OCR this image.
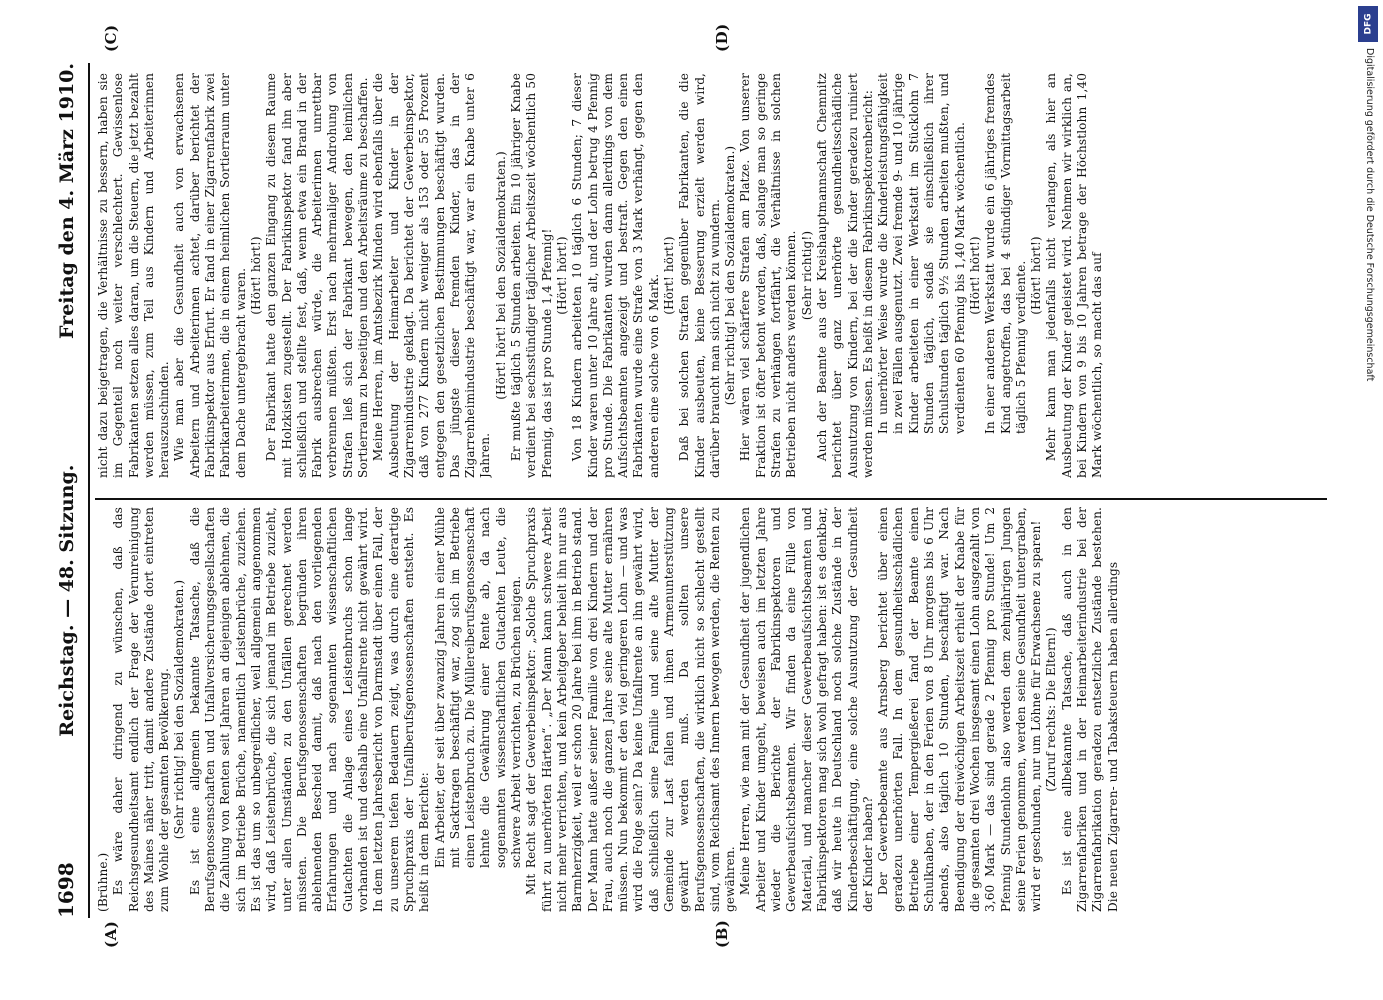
1698
Reichstag. — 48. Sitzung.
Freitag den 4. März 1910.
(A)	(B)
(C)	(D)

(Brühne.) Es wäre daher dringend zu wünschen, daß das Reichsgesundheitsamt endlich der Frage der Verunreinigung des Maines näher tritt, damit andere Zustände dort eintreten zum Wohle der gesamten Bevölkerung. (Sehr richtig! bei den Sozialdemokraten.) Es ist eine allgemein bekannte Tatsache, daß die Berufsgenossenschaften und Unfallversicherungsgesellschaften die Zahlung von Renten seit Jahren an diejenigen ablehnen, die sich im Betriebe Brüche, namentlich Leistenbrüche, zuziehen. Es ist das um so unbegreiflicher, weil allgemein angenommen wird, daß Leistenbrüche, die sich jemand im Betriebe zuzieht, unter allen Umständen zu den Unfällen gerechnet werden müssten. Die Berufsgenossenschaften begründen ihren ablehnenden Bescheid damit, daß nach den vorliegenden Erfahrungen und nach sogenannten wissenschaftlichen Gutachten die Anlage eines Leistenbruchs schon lange vorhanden ist und deshalb eine Unfallrente nicht gewährt wird. In dem letzten Jahresbericht von Darmstadt über einen Fall, der zu unserem tiefen Bedauern zeigt, was durch eine derartige Spruchpraxis der Unfallberufsgenossenschaften entsteht. Es heißt in dem Berichte: Ein Arbeiter, der seit über zwanzig Jahren in einer Mühle mit Sacktragen beschäftigt war, zog sich im Betriebe einen Leistenbruch zu. Die Müllereiberufsgenossenschaft lehnte die Gewährung einer Rente ab, da nach sogenannten wissenschaftlichen Gutachten Leute, die schwere Arbeit verrichten, zu Brüchen neigen. Mit Recht sagt der Gewerbeinspektor: „Solche Spruchpraxis führt zu unerhörten Härten“. „Der Mann kann schwere Arbeit nicht mehr verrichten, und kein Arbeitgeber behielt ihn nur aus Barmherzigkeit, weil er schon 20 Jahre bei ihm in Betrieb stand. Der Mann hatte außer seiner Familie von drei Kindern und der Frau, auch noch die ganzen Jahre seine alte Mutter ernähren müssen. Nun bekommt er den viel geringeren Lohn — und was wird die Folge sein? Da keine Unfallrente an ihn gewährt wird, daß schließlich seine Familie und seine alte Mutter der Gemeinde zur Last fallen und ihnen Armenunterstützung gewährt werden muß. Da sollten unsere Berufsgenossenschaften, die wirklich nicht so schlecht gestellt sind, vom Reichsamt des Innern bewogen werden, die Renten zu gewähren. Meine Herren, wie man mit der Gesundheit der jugendlichen Arbeiter und Kinder umgeht, beweisen auch im letzten Jahre wieder die Berichte der Fabrikinspektoren und Gewerbeaufsichtsbeamten. Wir finden da eine Fülle von Material, und mancher dieser Gewerbeaufsichtsbeamten und Fabrikinspektoren mag sich wohl gefragt haben: ist es denkbar, daß wir heute in Deutschland noch solche Zustände in der Kinderbeschäftigung, eine solche Ausnutzung der Gesundheit der Kinder haben? Der Gewerbebeamte aus Arnsberg berichtet über einen geradezu unerhörten Fall. In dem gesundheitsschädlichen Betriebe einer Tempergießerei fand der Beamte einen Schulknaben, der in den Ferien von 8 Uhr morgens bis 6 Uhr abends, also täglich 10 Stunden, beschäftigt war. Nach Beendigung der dreiwöchigen Arbeitszeit erhielt der Knabe für die gesamten drei Wochen insgesamt einen Lohn ausgezahlt von 3,60 Mark — das sind gerade 2 Pfennig pro Stunde! Um 2 Pfennig Stundenlohn also werden dem zehnjährigen Jungen seine Ferien genommen, werden seine Gesundheit untergraben, wird er geschunden, nur um Löhne für Erwachsene zu sparen! (Zuruf rechts: Die Eltern!) Es ist eine allbekannte Tatsache, daß auch in den Zigarrenfabriken und in der Heimarbeiterindustrie bei der Zigarrenfabrikation geradezu entsetzliche Zustände bestehen. Die neuen Zigarren- und Tabaksteuern haben allerdings

nicht dazu beigetragen, die Verhältnisse zu bessern, haben sie im Gegenteil noch weiter verschlechtert. Gewissenlose Fabrikanten setzen alles daran, um die Steuern, die jetzt bezahlt werden müssen, zum Teil aus Kindern und Arbeiterinnen herauszuschinden. Wie man aber die Gesundheit auch von erwachsenen Arbeitern und Arbeiterinnen achtet, darüber berichtet der Fabrikinspektor aus Erfurt. Er fand in einer Zigarrenfabrik zwei Fabrikarbeiterinnen, die in einem heimlichen Sortierraum unter dem Dache untergebracht waren. (Hört! hört!) Der Fabrikant hatte den ganzen Eingang zu diesem Raume mit Holzkisten zugestellt. Der Fabrikinspektor fand ihn aber schließlich und stellte fest, daß, wenn etwa ein Brand in der Fabrik ausbrechen würde, die Arbeiterinnen unrettbar verbrennen müßten. Erst nach mehrmaliger Androhung von Strafen ließ sich der Fabrikant bewegen, den heimlichen Sortierraum zu beseitigen und den Arbeitsräume zu beschaffen. Meine Herren, im Amtsbezirk Minden wird ebenfalls über die Ausbeutung der Heimarbeiter und Kinder in der Zigarrenindustrie geklagt. Da berichtet der Gewerbeinspektor, daß von 277 Kindern nicht weniger als 153 oder 55 Prozent entgegen den gesetzlichen Bestimmungen beschäftigt wurden. Das jüngste dieser fremden Kinder, das in der Zigarrenheimindustrie beschäftigt war, war ein Knabe unter 6 Jahren.

(Hört! hört! bei den Sozialdemokraten.) Er mußte täglich 5 Stunden arbeiten. Ein 10 jähriger Knabe verdient bei sechsstündiger täglicher Arbeitszeit wöchentlich 50 Pfennig, das ist pro Stunde 1,4 Pfennig! (Hört! hört!) Von 18 Kindern arbeiteten 10 täglich 6 Stunden; 7 dieser Kinder waren unter 10 Jahre alt, und der Lohn betrug 4 Pfennig pro Stunde. Die Fabrikanten wurden dann allerdings von dem Aufsichtsbeamten angezeigt und bestraft. Gegen den einen Fabrikanten wurde eine Strafe von 3 Mark verhängt, gegen den anderen eine solche von 6 Mark. (Hört! hört!) Daß bei solchen Strafen gegenüber Fabrikanten, die die Kinder ausbeuten, keine Besserung erzielt werden wird, darüber braucht man sich nicht zu wundern. (Sehr richtig! bei den Sozialdemokraten.) Hier wären viel schärfere Strafen am Platze. Von unserer Fraktion ist öfter betont worden, daß, solange man so geringe Strafen zu verhängen fortfährt, die Verhältnisse in solchen Betrieben nicht anders werden können. (Sehr richtig!) Auch der Beamte aus der Kreishauptmannschaft Chemnitz berichtet über ganz unerhörte gesundheitsschädliche Ausnutzung von Kindern, bei der die Kinder geradezu ruiniert werden müssen. Es heißt in diesem Fabrikinspektorenbericht: In unerhörter Weise wurde die Kinderleistungsfähigkeit in zwei Fällen ausgenutzt. Zwei fremde 9- und 10 jährige Kinder arbeiteten in einer Werkstatt im Stücklohn 7 Stunden täglich, sodaß sie einschließlich ihrer Schulstunden täglich 9½ Stunden arbeiten mußten, und verdienten 60 Pfennig bis 1,40 Mark wöchentlich. (Hört! hört!) In einer anderen Werkstatt wurde ein 6 jähriges fremdes Kind angetroffen, das bei 4 stündiger Vormittagsarbeit täglich 5 Pfennig verdiente. (Hört! hört!) Mehr kann man jedenfalls nicht verlangen, als hier an Ausbeutung der Kinder geleistet wird. Nehmen wir wirklich an, bei Kindern von 9 bis 10 Jahren betrage der Höchstlohn 1,40 Mark wöchentlich, so macht das auf

DFG
Digitalisierung gefördert durch die Deutsche Forschungsgemeinschaft
